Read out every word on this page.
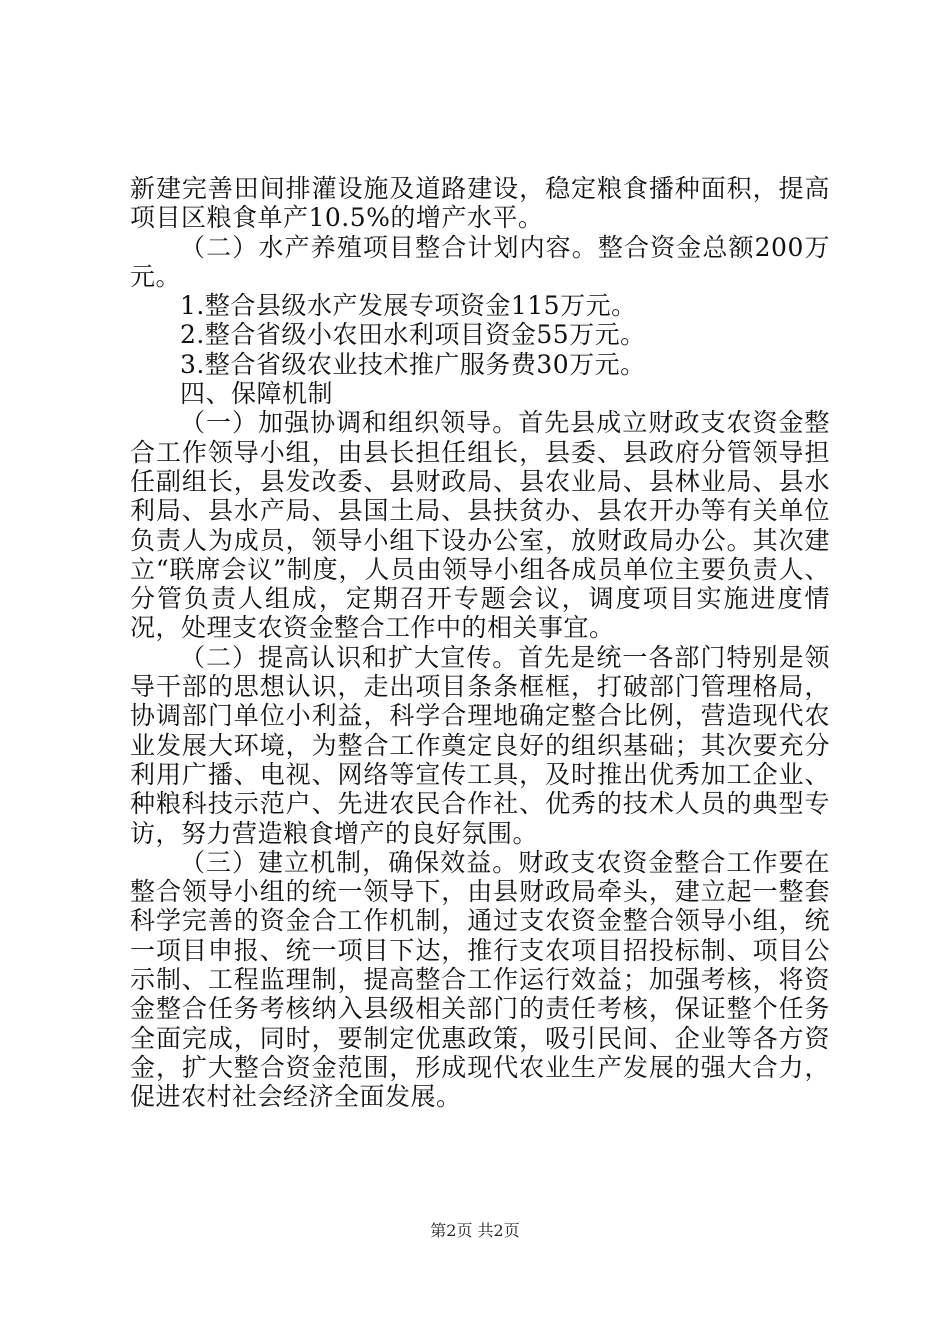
新建完善田间排灌设施及道路建设，稳定粮食播种面积，提高项目区粮食单产10.5%的增产水平。

（二）水产养殖项目整合计划内容。整合资金总额200万元。

1.整合县级水产发展专项资金115万元。

2.整合省级小农田水利项目资金55万元。

3.整合省级农业技术推广服务费30万元。

四、保障机制

（一）加强协调和组织领导。首先县成立财政支农资金整合工作领导小组，由县长担任组长，县委、县政府分管领导担任副组长，县发改委、县财政局、县农业局、县林业局、县水利局、县水产局、县国土局、县扶贫办、县农开办等有关单位负责人为成员，领导小组下设办公室，放财政局办公。其次建立“联席会议”制度，人员由领导小组各成员单位主要负责人、分管负责人组成，定期召开专题会议，调度项目实施进度情况，处理支农资金整合工作中的相关事宜。

（二）提高认识和扩大宣传。首先是统一各部门特别是领导干部的思想认识，走出项目条条框框，打破部门管理格局，协调部门单位小利益，科学合理地确定整合比例，营造现代农业发展大环境，为整合工作奠定良好的组织基础；其次要充分利用广播、电视、网络等宣传工具，及时推出优秀加工企业、种粮科技示范户、先进农民合作社、优秀的技术人员的典型专访，努力营造粮食增产的良好氛围。

（三）建立机制，确保效益。财政支农资金整合工作要在整合领导小组的统一领导下，由县财政局牵头，建立起一整套科学完善的资金合工作机制，通过支农资金整合领导小组，统一项目申报、统一项目下达，推行支农项目招投标制、项目公示制、工程监理制，提高整合工作运行效益；加强考核，将资金整合任务考核纳入县级相关部门的责任考核，保证整个任务全面完成，同时，要制定优惠政策，吸引民间、企业等各方资金，扩大整合资金范围，形成现代农业生产发展的强大合力，促进农村社会经济全面发展。

第2页 共2页
